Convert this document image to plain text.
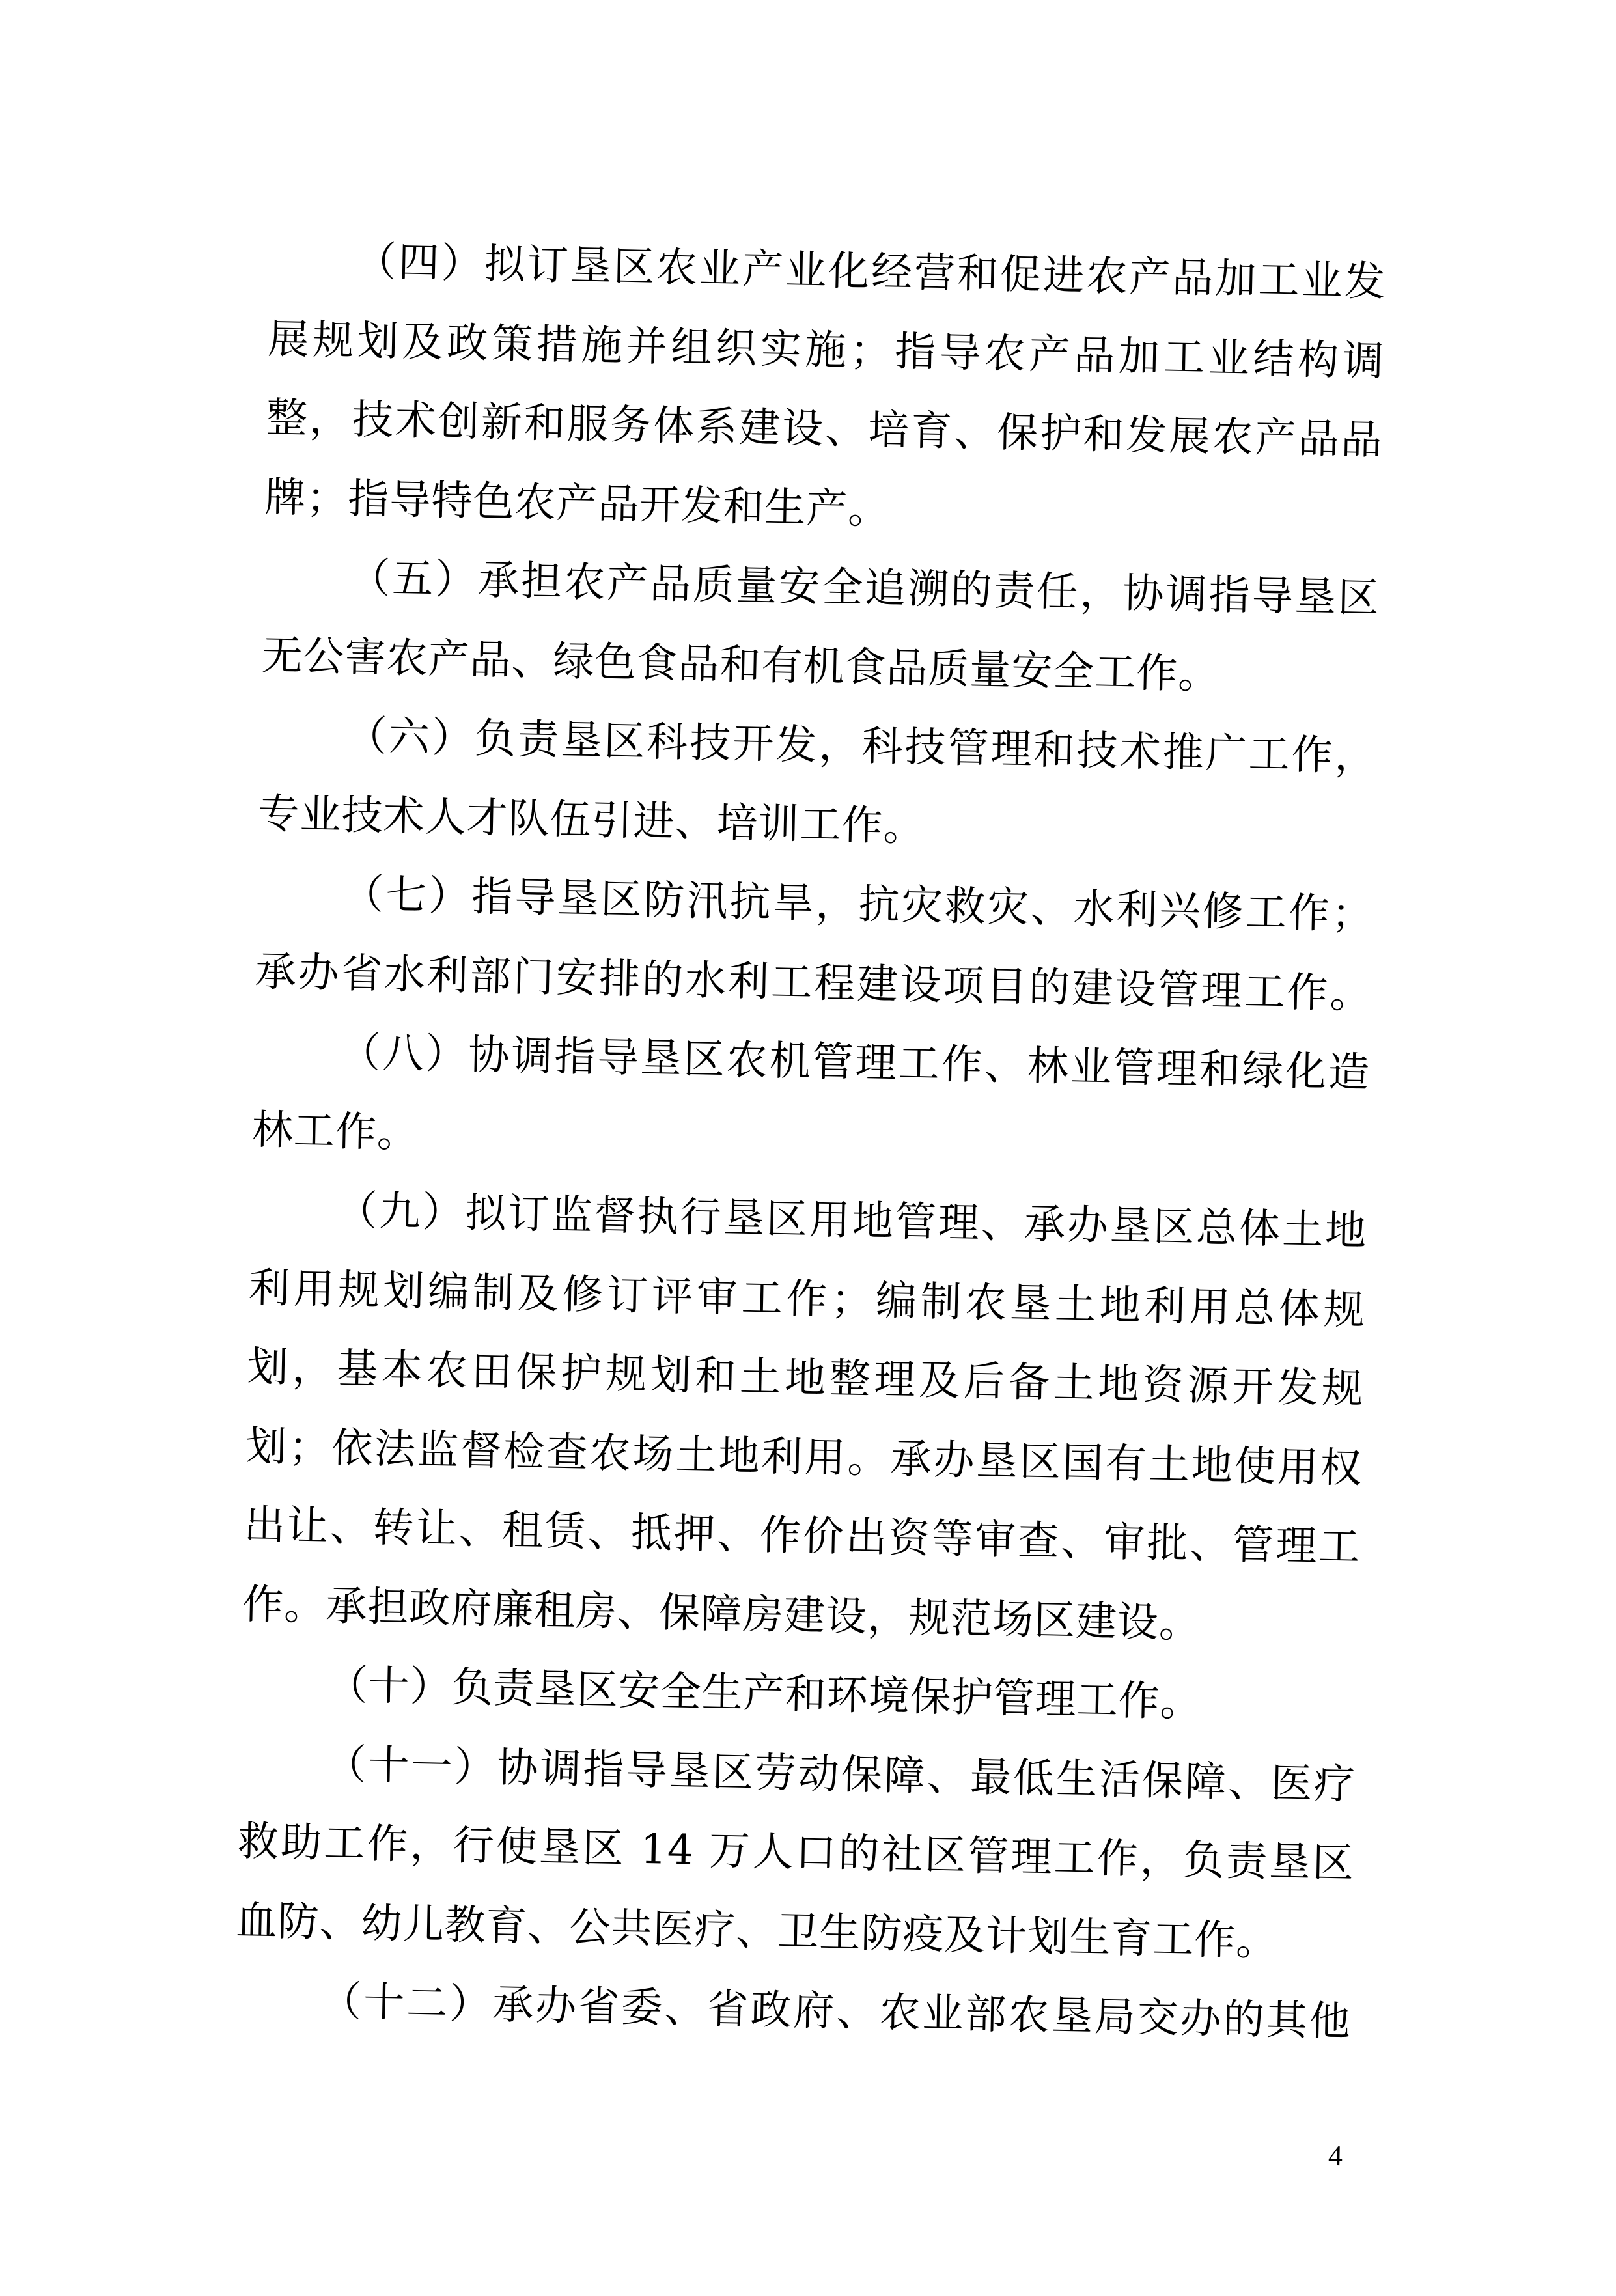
（四）拟订垦区农业产业化经营和促进农产品加工业发
展规划及政策措施并组织实施；指导农产品加工业结构调
整，技术创新和服务体系建设、培育、保护和发展农产品品
牌；指导特色农产品开发和生产。
（五）承担农产品质量安全追溯的责任，协调指导垦区
无公害农产品、绿色食品和有机食品质量安全工作。
（六）负责垦区科技开发，科技管理和技术推广工作，
专业技术人才队伍引进、培训工作。
（七）指导垦区防汛抗旱，抗灾救灾、水利兴修工作；
承办省水利部门安排的水利工程建设项目的建设管理工作。
（八）协调指导垦区农机管理工作、林业管理和绿化造
林工作。
（九）拟订监督执行垦区用地管理、承办垦区总体土地
利用规划编制及修订评审工作；编制农垦土地利用总体规
划，基本农田保护规划和土地整理及后备土地资源开发规
划；依法监督检查农场土地利用。承办垦区国有土地使用权
出让、转让、租赁、抵押、作价出资等审查、审批、管理工
作。承担政府廉租房、保障房建设，规范场区建设。
（十）负责垦区安全生产和环境保护管理工作。
（十一）协调指导垦区劳动保障、最低生活保障、医疗
救助工作，行使垦区 14 万人口的社区管理工作，负责垦区
血防、幼儿教育、公共医疗、卫生防疫及计划生育工作。
（十二）承办省委、省政府、农业部农垦局交办的其他
4
